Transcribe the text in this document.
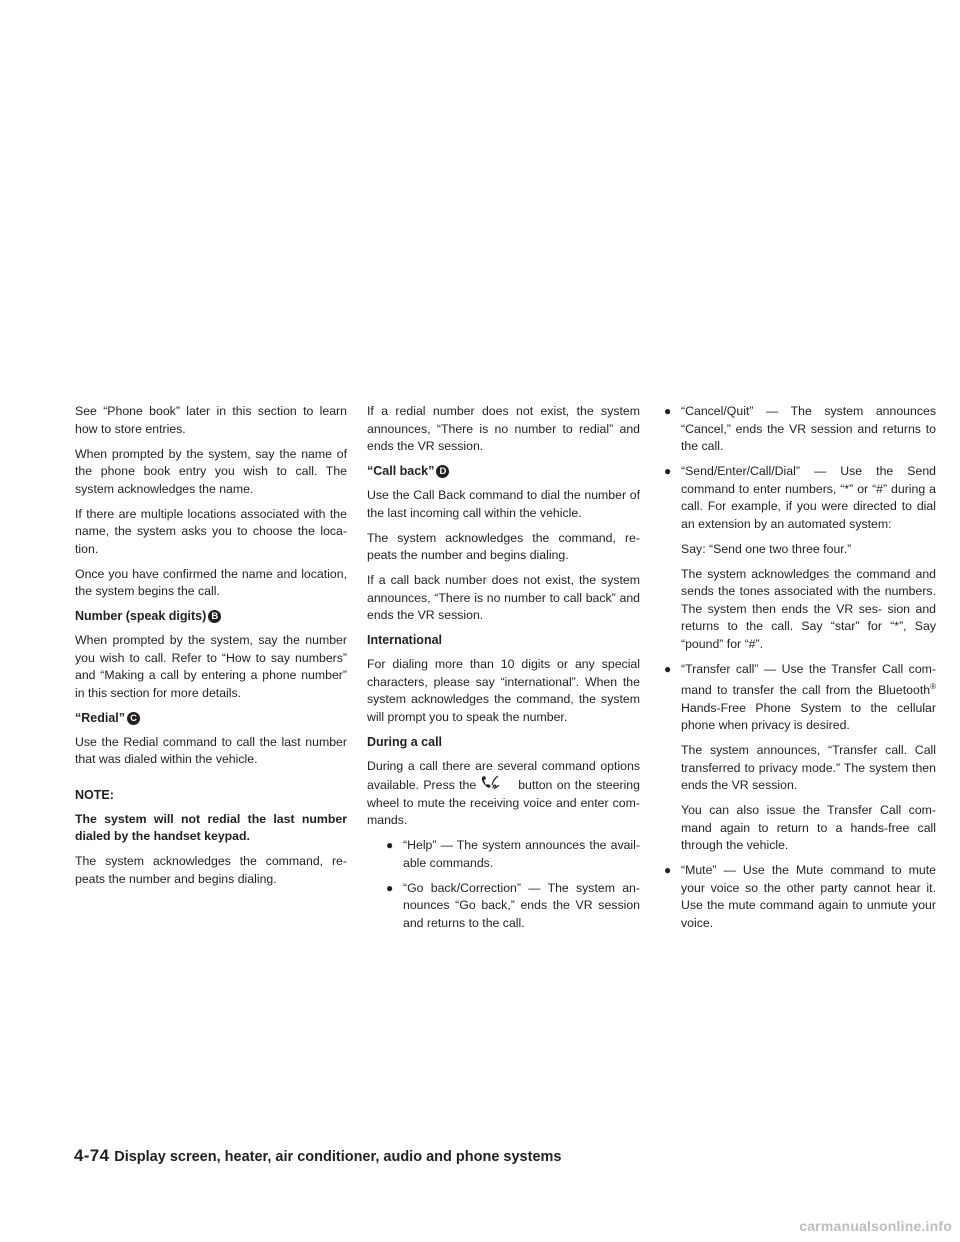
See “Phone book” later in this section to learn how to store entries.

When prompted by the system, say the name of the phone book entry you wish to call. The system acknowledges the name.

If there are multiple locations associated with the name, the system asks you to choose the loca- tion.

Once you have confirmed the name and location, the system begins the call.

Number (speak digits) B

When prompted by the system, say the number you wish to call. Refer to “How to say numbers” and “Making a call by entering a phone number” in this section for more details.

“Redial” C

Use the Redial command to call the last number that was dialed within the vehicle.

NOTE:

The system will not redial the last number dialed by the handset keypad.

The system acknowledges the command, re- peats the number and begins dialing.

If a redial number does not exist, the system announces, “There is no number to redial” and ends the VR session.

“Call back” D

Use the Call Back command to dial the number of the last incoming call within the vehicle.

The system acknowledges the command, re- peats the number and begins dialing.

If a call back number does not exist, the system announces, “There is no number to call back” and ends the VR session.

International

For dialing more than 10 digits or any special characters, please say “international”. When the system acknowledges the command, the system will prompt you to speak the number.

During a call

During a call there are several command options available. Press the	button on the steering wheel to mute the receiving voice and enter com- mands.

● “Help” — The system announces the avail- able commands.

● “Go back/Correction” — The system an- nounces “Go back,” ends the VR session and returns to the call.

● “Cancel/Quit” — The system announces “Cancel,” ends the VR session and returns to the call.

● “Send/Enter/Call/Dial” — Use the Send command to enter numbers, “*” or “#” during a call. For example, if you were directed to dial an extension by an automated system:

Say: “Send one two three four.”

The system acknowledges the command and sends the tones associated with the numbers. The system then ends the VR ses- sion and returns to the call. Say “star” for “*”, Say “pound” for “#”.

● “Transfer call” — Use the Transfer Call com- mand to transfer the call from the Bluetooth® Hands-Free Phone System to the cellular phone when privacy is desired.

The system announces, “Transfer call. Call transferred to privacy mode.” The system then ends the VR session.

You can also issue the Transfer Call com- mand again to return to a hands-free call through the vehicle.

● “Mute” — Use the Mute command to mute your voice so the other party cannot hear it. Use the mute command again to unmute your voice.

4-74 Display screen, heater, air conditioner, audio and phone systems
carmanualsonline.info
